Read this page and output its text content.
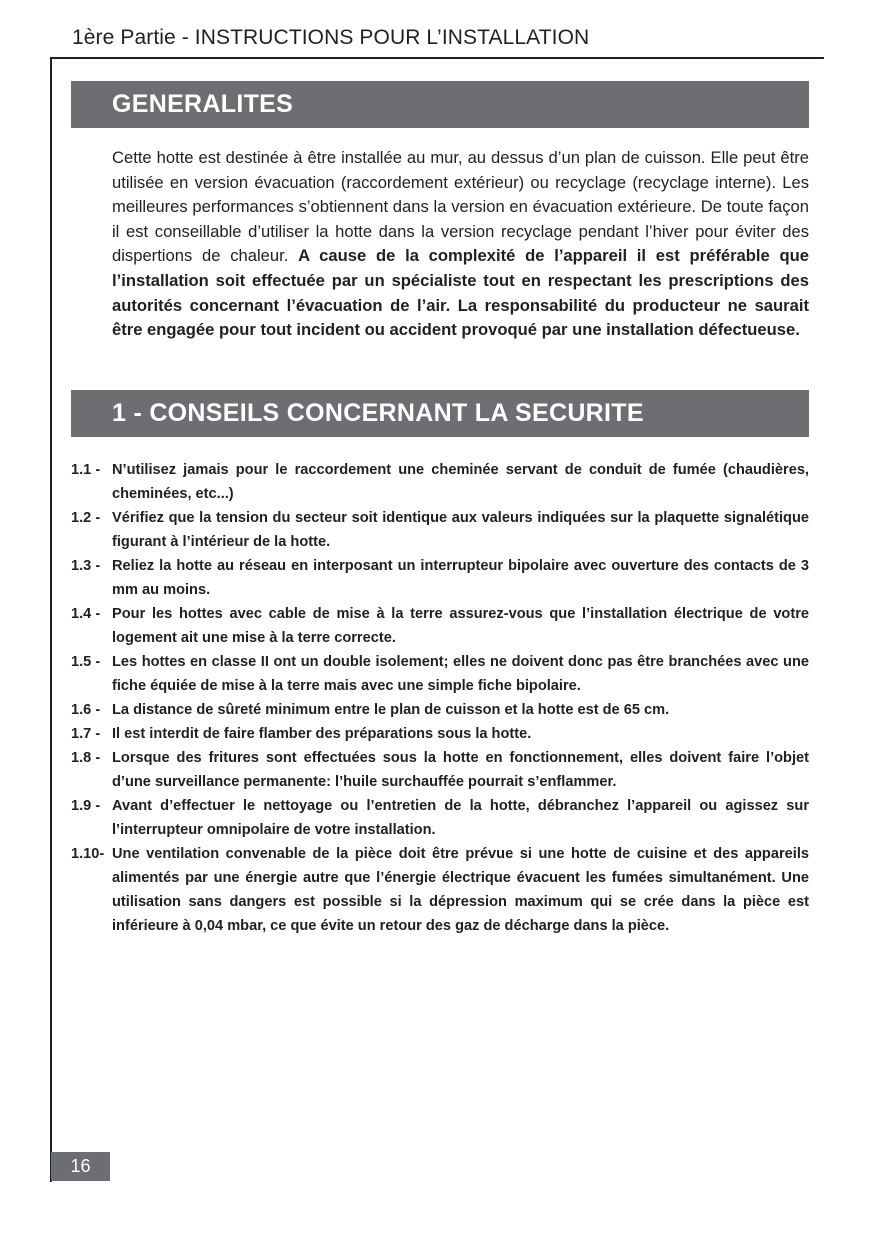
1ère Partie - INSTRUCTIONS POUR L’INSTALLATION
GENERALITES

Cette hotte est destinée à être installée au mur, au dessus d’un plan de cuisson. Elle peut être utilisée en version évacuation (raccordement extérieur) ou recyclage (recyclage interne). Les meilleures performances s’obtiennent dans la version en évacuation extérieure. De toute façon il est conseillable d’utiliser la hotte dans la version recyclage pendant l’hiver pour éviter des dispertions de chaleur. A cause de la complexité de l’appareil il est préférable que l’installation soit effectuée par un spécialiste tout en respectant les prescriptions des autorités concernant l’évacuation de l’air. La responsabilité du producteur ne saurait être engagée pour tout incident ou accident provoqué par une installation défectueuse.

1 - CONSEILS CONCERNANT LA SECURITE
1.1 - N’utilisez jamais pour le raccordement une cheminée servant de conduit de fumée (chaudières, cheminées, etc...)
1.2 - Vérifiez que la tension du secteur soit identique aux valeurs indiquées sur la plaquette signalétique figurant à l’intérieur de la hotte.
1.3 - Reliez la hotte au réseau en interposant un interrupteur bipolaire avec ouverture des contacts de 3 mm au moins.
1.4 - Pour les hottes avec cable de mise à la terre assurez-vous que l’installation électrique de votre logement ait une mise à la terre correcte.
1.5 - Les hottes en classe II ont un double isolement; elles ne doivent donc pas être branchées avec une fiche équiée de mise à la terre mais avec une simple fiche bipolaire.
1.6 - La distance de sûreté minimum entre le plan de cuisson et la hotte est de 65 cm.
1.7 - Il est interdit de faire flamber des préparations sous la hotte.
1.8 - Lorsque des fritures sont effectuées sous la hotte en fonctionnement, elles doivent faire l’objet d’une surveillance permanente: l’huile surchauffée pourrait s’enflammer.
1.9 - Avant d’effectuer le nettoyage ou l’entretien de la hotte, débranchez l’appareil ou agissez sur l’interrupteur omnipolaire de votre installation.
1.10- Une ventilation convenable de la pièce doit être prévue si une hotte de cuisine et des appareils alimentés par une énergie autre que l’énergie électrique évacuent les fumées simultanément. Une utilisation sans dangers est possible si la dépression maximum qui se crée dans la pièce est inférieure à 0,04 mbar, ce que évite un retour des gaz de décharge dans la pièce.
16
